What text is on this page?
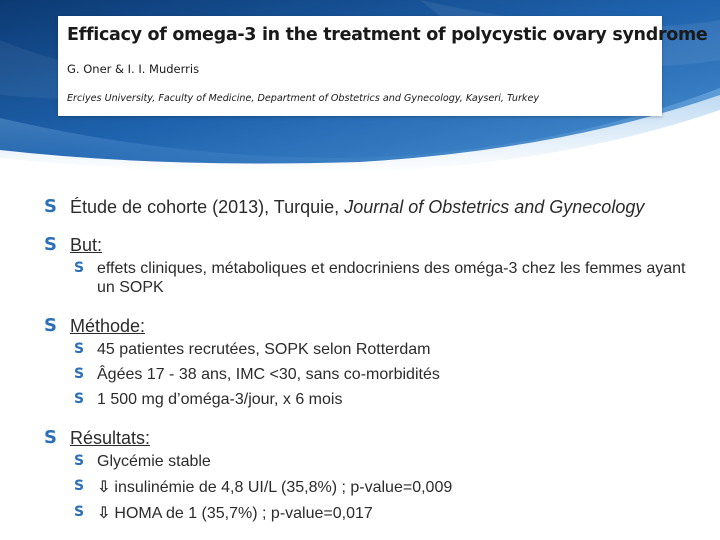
Efficacy of omega-3 in the treatment of polycystic ovary syndrome
G. Oner & I. I. Muderris
Erciyes University, Faculty of Medicine, Department of Obstetrics and Gynecology, Kayseri, Turkey
S Étude de cohorte (2013), Turquie, Journal of Obstetrics and Gynecology
S But:
S effets cliniques, métaboliques et endocriniens des oméga-3 chez les femmes ayant un SOPK
S Méthode:
S 45 patientes recrutées, SOPK selon Rotterdam
S Âgées 17 - 38 ans, IMC <30, sans co-morbidités
S 1 500 mg d’oméga-3/jour, x 6 mois
S Résultats:
S Glycémie stable
S ⇩ insulinémie de 4,8 UI/L (35,8%) ; p-value=0,009
S ⇩ HOMA de 1 (35,7%) ; p-value=0,017
